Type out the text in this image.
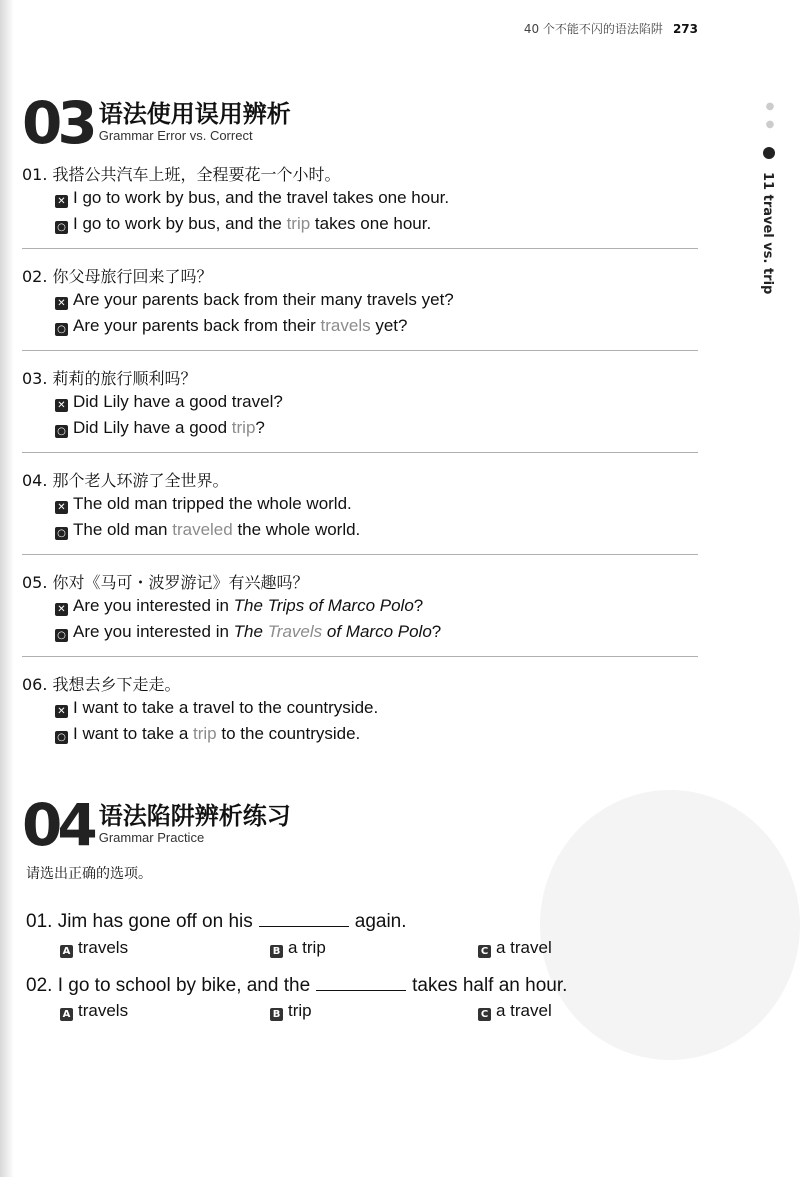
40 个不能不闪的语法陷阱 273
●
●
11 travel vs. trip
03 语法使用误用辨析
Grammar Error vs. Correct
01. 我搭公共汽车上班，全程要花一个小时。
✕ I go to work by bus, and the travel takes one hour.
○ I go to work by bus, and the trip takes one hour.
02. 你父母旅行回来了吗？
✕ Are your parents back from their many travels yet?
○ Are your parents back from their travels yet?
03. 莉莉的旅行顺利吗？
✕ Did Lily have a good travel?
○ Did Lily have a good trip?
04. 那个老人环游了全世界。
✕ The old man tripped the whole world.
○ The old man traveled the whole world.
05. 你对《马可・波罗游记》有兴趣吗？
✕ Are you interested in The Trips of Marco Polo?
○ Are you interested in The Travels of Marco Polo?
06. 我想去乡下走走。
✕ I want to take a travel to the countryside.
○ I want to take a trip to the countryside.
04 语法陷阱辨析练习
Grammar Practice
请选出正确的选项。
01. Jim has gone off on his	again.
A travels	B a trip	C a travel
02. I go to school by bike, and the	takes half an hour.
A travels	B trip	C a travel
